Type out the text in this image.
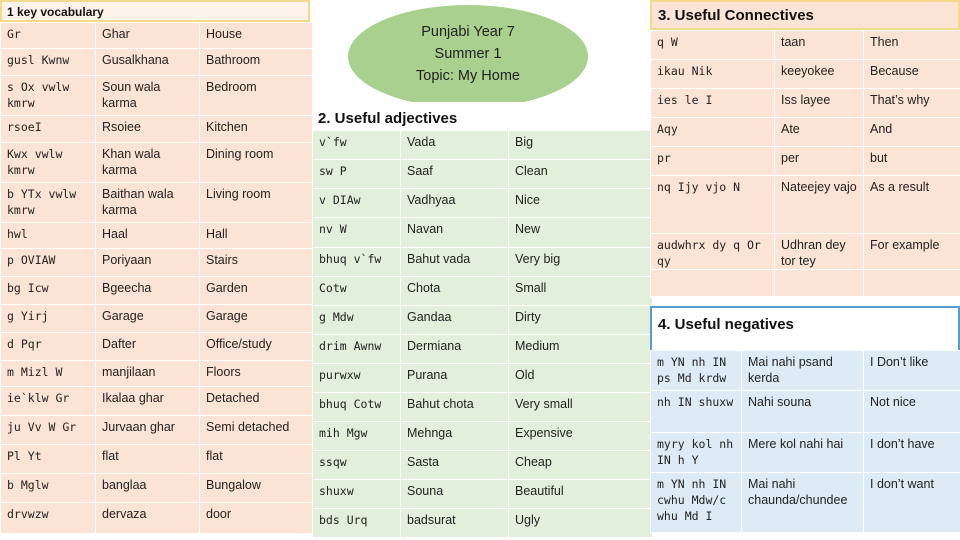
1 key vocabulary
Gr	Ghar	House
gusl Kwnw	Gusalkhana	Bathroom
s Ox vwlw kmrw	Soun wala karma	Bedroom
rsoeI	Rsoiee	Kitchen
Kwx vwlw kmrw	Khan wala karma	Dining room
b YTx vwlw kmrw	Baithan wala karma	Living room
hwl	Haal	Hall
p OVIAW	Poriyaan	Stairs
bg Icw	Bgeecha	Garden
g Yirj	Garage	Garage
d Pqr	Dafter	Office/study
m Mizl W	manjilaan	Floors
ie`klw Gr	Ikalaa ghar	Detached
ju Vv W Gr	Jurvaan ghar	Semi detached
Pl Yt	flat	flat
b Mglw	banglaa	Bungalow
drvwzw	dervaza	door
Punjabi Year 7
Summer 1
Topic: My Home
2. Useful adjectives
v`fw	Vada	Big
sw P	Saaf	Clean
v DIAw	Vadhyaa	Nice
nv W	Navan	New
bhuq v`fw	Bahut vada	Very big
Cotw	Chota	Small
g Mdw	Gandaa	Dirty
drim Awnw	Dermiana	Medium
purwxw	Purana	Old
bhuq Cotw	Bahut chota	Very small
mih Mgw	Mehnga	Expensive
ssqw	Sasta	Cheap
shuxw	Souna	Beautiful
bds Urq	badsurat	Ugly
3. Useful Connectives
q W	taan	Then
ikau Nik	keeyokee	Because
ies le I	Iss layee	That’s why
Aqy	Ate	And
pr	per	but
nq Ijy vjo N	Nateejey vajo	As a result
audwhrx dy q Or qy	Udhran dey tor tey	For example

4. Useful negatives
m YN nh IN ps Md krdw	Mai nahi psand kerda	I Don’t like
nh IN shuxw	Nahi souna	Not nice
myry kol nh IN h Y	Mere kol nahi hai	I don’t have
m YN nh IN cwhu Mdw/c whu Md I	Mai nahi chaunda/chundee	I don’t want
